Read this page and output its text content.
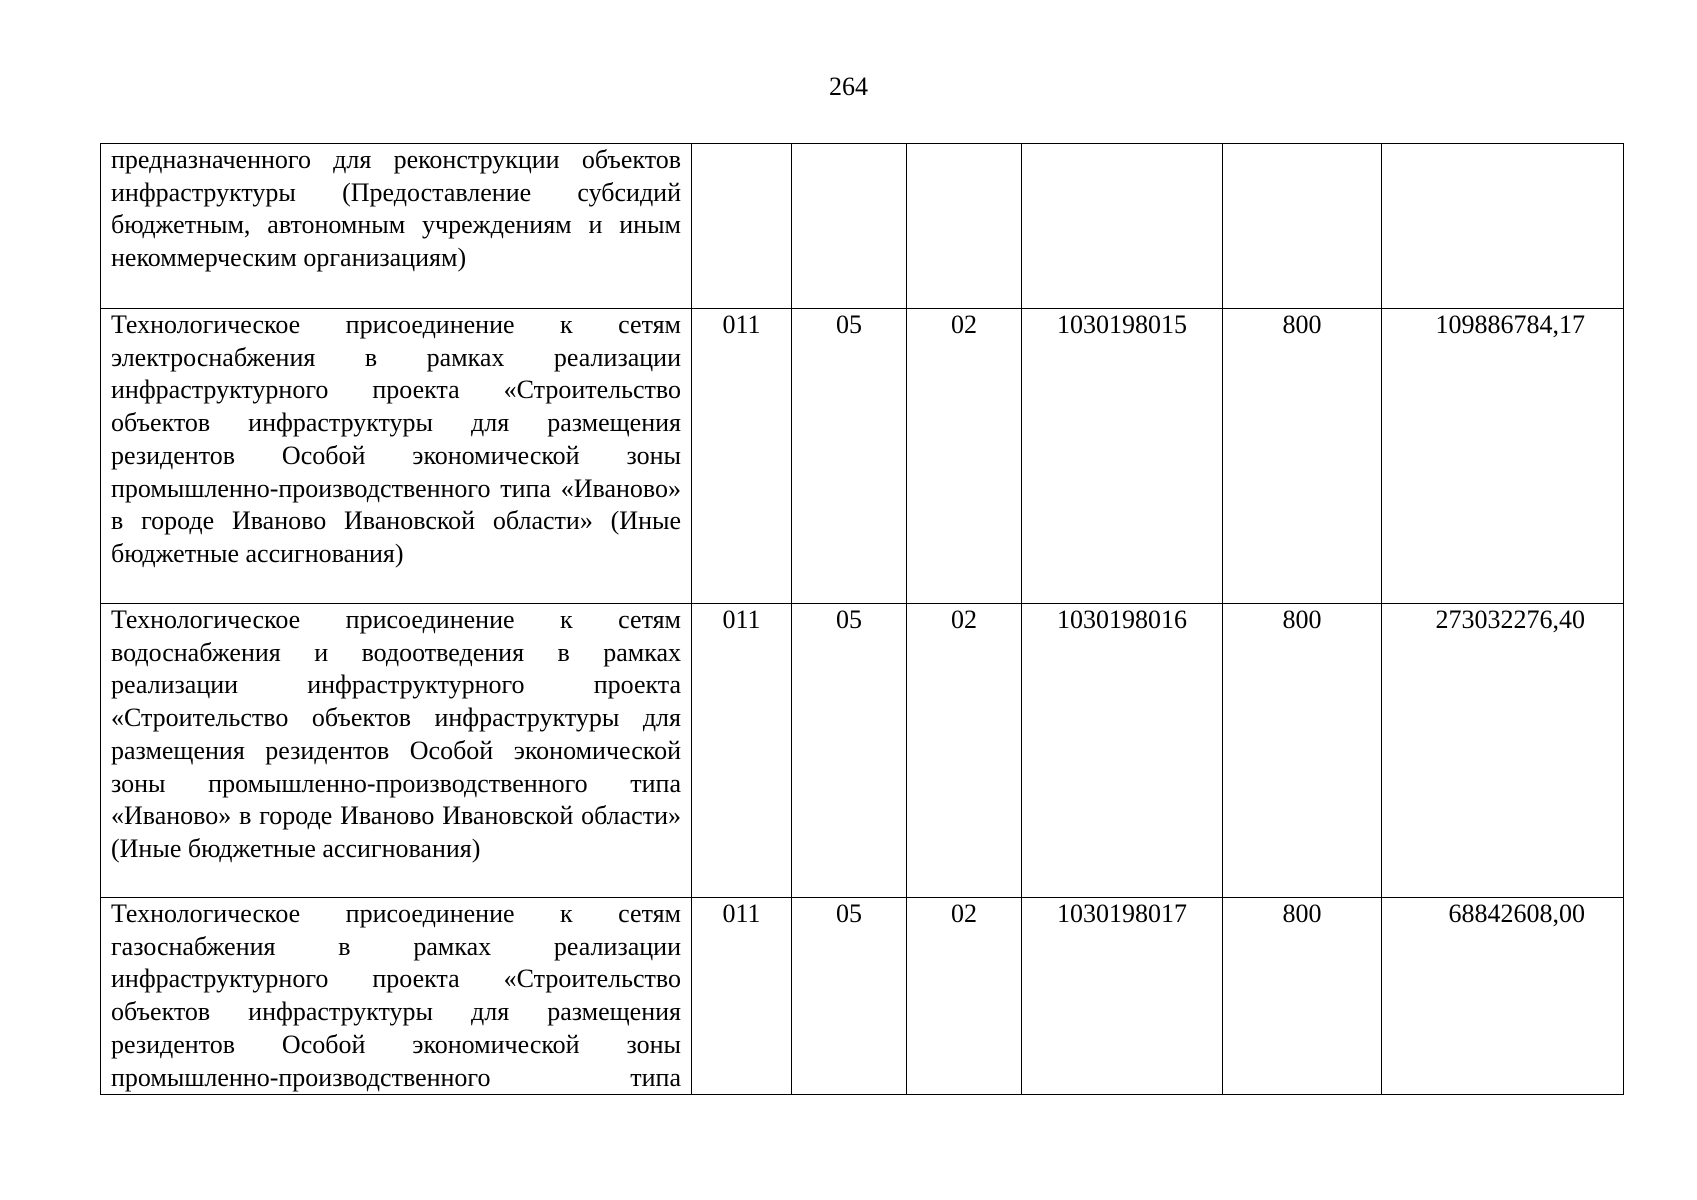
264
предназначенного для реконструкции объектов инфраструктуры (Предоставление субсидий бюджетным, автономным учреждениям и иным некоммерческим организациям)						
Технологическое присоединение к сетям электроснабжения в рамках реализации инфраструктурного проекта «Строительство объектов инфраструктуры для размещения резидентов Особой экономической зоны промышленно-производственного типа «Иваново» в городе Иваново Ивановской области» (Иные бюджетные ассигнования)	011	05	02	1030198015	800	109886784,17
Технологическое присоединение к сетям водоснабжения и водоотведения в рамках реализации инфраструктурного проекта «Строительство объектов инфраструктуры для размещения резидентов Особой экономической зоны промышленно-производственного типа «Иваново» в городе Иваново Ивановской области» (Иные бюджетные ассигнования)	011	05	02	1030198016	800	273032276,40
Технологическое присоединение к сетям газоснабжения в рамках реализации инфраструктурного проекта «Строительство объектов инфраструктуры для размещения резидентов Особой экономической зоны промышленно-производственного типа	011	05	02	1030198017	800	68842608,00
